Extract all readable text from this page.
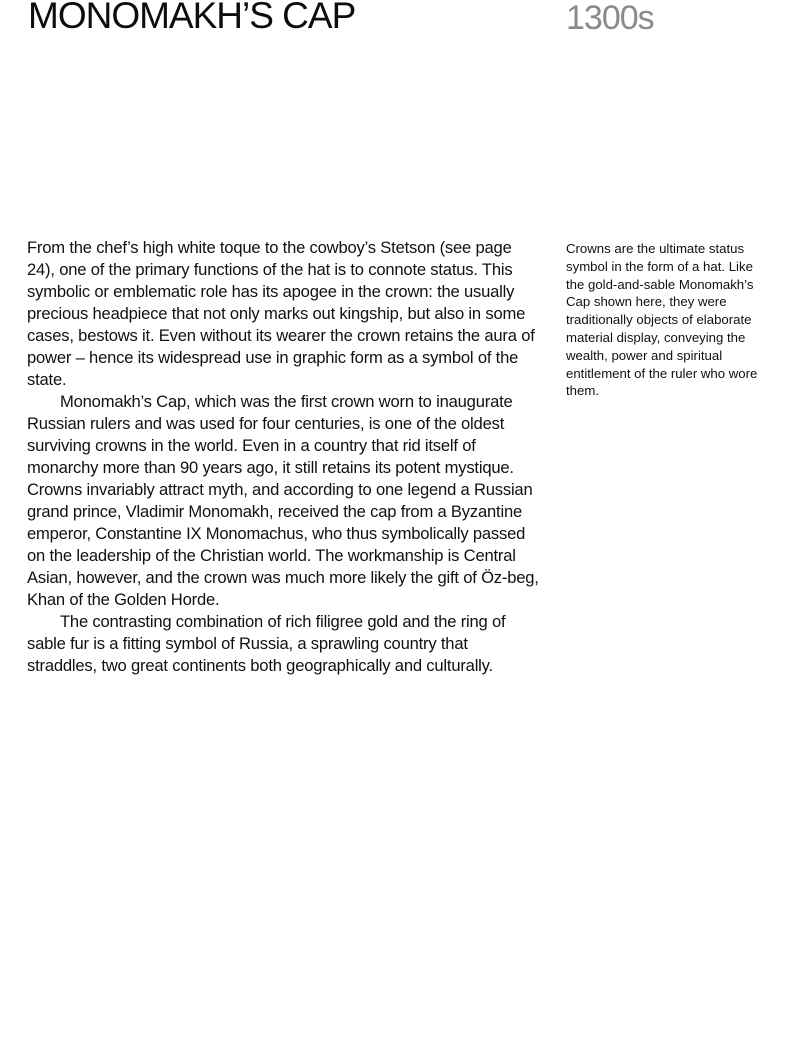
MONOMAKH’S CAP	1300s

From the chef’s high white toque to the cowboy’s Stetson (see page 24), one of the primary functions of the hat is to connote status. This symbolic or emblematic role has its apogee in the crown: the usually precious headpiece that not only marks out kingship, but also in some cases, bestows it. Even without its wearer the crown retains the aura of power – hence its widespread use in graphic form as a symbol of the state.

Monomakh’s Cap, which was the first crown worn to inaugurate Russian rulers and was used for four centuries, is one of the oldest surviving crowns in the world. Even in a country that rid itself of monarchy more than 90 years ago, it still retains its potent mystique. Crowns invariably attract myth, and according to one legend a Russian grand prince, Vladimir Monomakh, received the cap from a Byzantine emperor, Constantine IX Monomachus, who thus symbolically passed on the leadership of the Christian world. The workmanship is Central Asian, however, and the crown was much more likely the gift of Öz-beg, Khan of the Golden Horde.

The contrasting combination of rich filigree gold and the ring of sable fur is a fitting symbol of Russia, a sprawling country that straddles, two great continents both geographically and culturally.

Crowns are the ultimate status symbol in the form of a hat. Like the gold-and-sable Monomakh’s Cap shown here, they were traditionally objects of elaborate material display, conveying the wealth, power and spiritual entitlement of the ruler who wore them.
